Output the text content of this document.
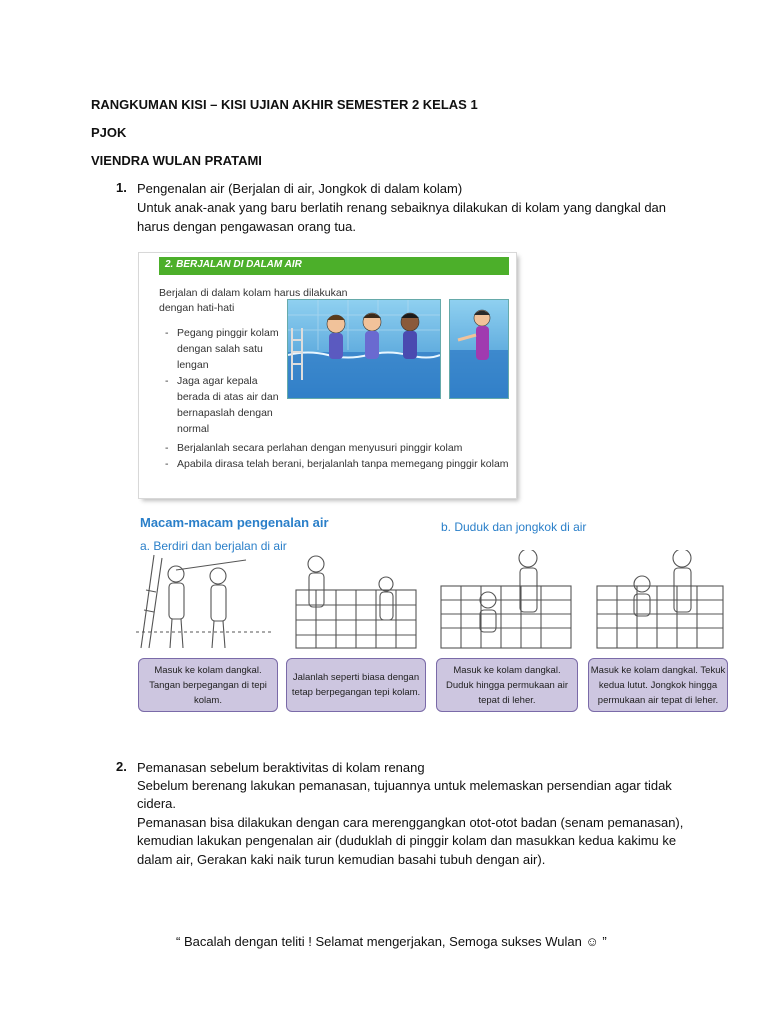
RANGKUMAN KISI – KISI UJIAN AKHIR SEMESTER 2 KELAS 1
PJOK
VIENDRA WULAN PRATAMI
1. Pengenalan air (Berjalan di air, Jongkok di dalam kolam)
Untuk anak-anak yang baru berlatih renang sebaiknya dilakukan di kolam yang dangkal dan
harus dengan pengawasan orang tua.
2. BERJALAN DI DALAM AIR
Berjalan di dalam kolam harus dilakukan
dengan hati-hati
- Pegang pinggir kolam
dengan salah satu
lengan
- Jaga agar kepala
berada di atas air dan
bernapaslah dengan
normal
- Berjalanlah secara perlahan dengan menyusuri pinggir kolam
- Apabila dirasa telah berani, berjalanlah tanpa memegang pinggir kolam
Macam-macam pengenalan air
a. Berdiri dan berjalan di air
b. Duduk dan jongkok di air
Masuk ke kolam dangkal.
Tangan berpegangan di tepi
kolam.
Jalanlah seperti biasa dengan
tetap berpegangan tepi kolam.
Masuk ke kolam dangkal.
Duduk hingga permukaan air
tepat di leher.
Masuk ke kolam dangkal. Tekuk
kedua lutut. Jongkok hingga
permukaan air tepat di leher.
2. Pemanasan sebelum beraktivitas di kolam renang
Sebelum berenang lakukan pemanasan, tujuannya untuk melemaskan persendian agar tidak
cidera.
Pemanasan bisa dilakukan dengan cara merenggangkan otot-otot badan (senam pemanasan),
kemudian lakukan pengenalan air (duduklah di pinggir kolam dan masukkan kedua kakimu ke
dalam air, Gerakan kaki naik turun kemudian basahi tubuh dengan air).
“ Bacalah dengan teliti ! Selamat mengerjakan, Semoga sukses Wulan ☺ ”
